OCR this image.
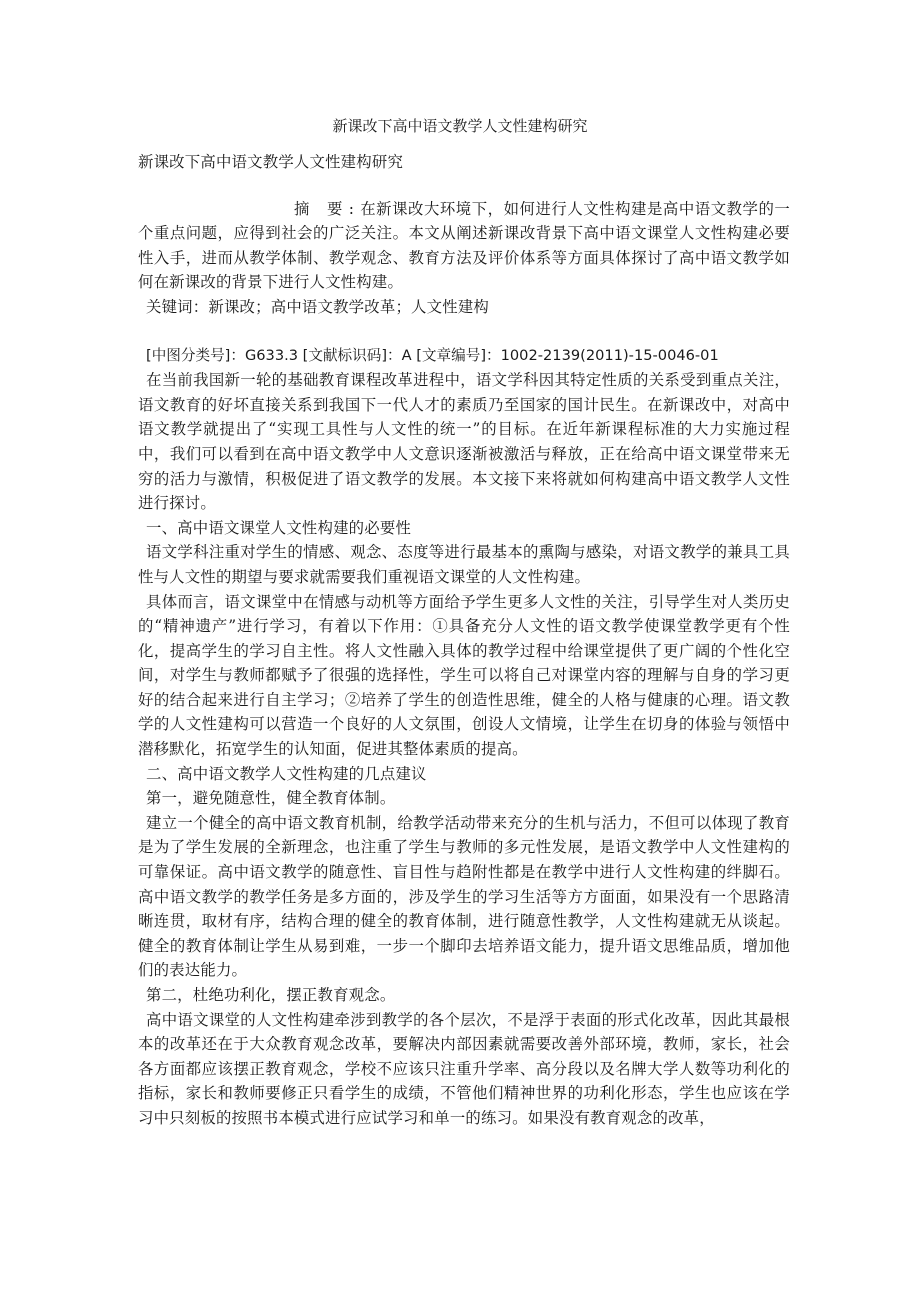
新课改下高中语文教学人文性建构研究

新课改下高中语文教学人文性建构研究

摘 要:在新课改大环境下，如何进行人文性构建是高中语文教学的一个重点问题，应得到社会的广泛关注。本文从阐述新课改背景下高中语文课堂人文性构建必要性入手，进而从教学体制、教学观念、教育方法及评价体系等方面具体探讨了高中语文教学如何在新课改的背景下进行人文性构建。

关键词：新课改；高中语文教学改革；人文性建构

[中图分类号]：G633.3 [文献标识码]：A [文章编号]：1002-2139(2011)-15-0046-01

在当前我国新一轮的基础教育课程改革进程中，语文学科因其特定性质的关系受到重点关注，语文教育的好坏直接关系到我国下一代人才的素质乃至国家的国计民生。在新课改中，对高中语文教学就提出了“实现工具性与人文性的统一”的目标。在近年新课程标准的大力实施过程中，我们可以看到在高中语文教学中人文意识逐渐被激活与释放，正在给高中语文课堂带来无穷的活力与激情，积极促进了语文教学的发展。本文接下来将就如何构建高中语文教学人文性进行探讨。

一、高中语文课堂人文性构建的必要性

语文学科注重对学生的情感、观念、态度等进行最基本的熏陶与感染，对语文教学的兼具工具性与人文性的期望与要求就需要我们重视语文课堂的人文性构建。

具体而言，语文课堂中在情感与动机等方面给予学生更多人文性的关注，引导学生对人类历史的“精神遗产”进行学习，有着以下作用：①具备充分人文性的语文教学使课堂教学更有个性化，提高学生的学习自主性。将人文性融入具体的教学过程中给课堂提供了更广阔的个性化空间，对学生与教师都赋予了很强的选择性，学生可以将自己对课堂内容的理解与自身的学习更好的结合起来进行自主学习；②培养了学生的创造性思维，健全的人格与健康的心理。语文教学的人文性建构可以营造一个良好的人文氛围，创设人文情境，让学生在切身的体验与领悟中潜移默化，拓宽学生的认知面，促进其整体素质的提高。

二、高中语文教学人文性构建的几点建议

第一，避免随意性，健全教育体制。

建立一个健全的高中语文教育机制，给教学活动带来充分的生机与活力，不但可以体现了教育是为了学生发展的全新理念，也注重了学生与教师的多元性发展，是语文教学中人文性建构的可靠保证。高中语文教学的随意性、盲目性与趋附性都是在教学中进行人文性构建的绊脚石。高中语文教学的教学任务是多方面的，涉及学生的学习生活等方方面面，如果没有一个思路清晰连贯，取材有序，结构合理的健全的教育体制，进行随意性教学，人文性构建就无从谈起。健全的教育体制让学生从易到难，一步一个脚印去培养语文能力，提升语文思维品质，增加他们的表达能力。

第二，杜绝功利化，摆正教育观念。

高中语文课堂的人文性构建牵涉到教学的各个层次，不是浮于表面的形式化改革，因此其最根本的改革还在于大众教育观念改革，要解决内部因素就需要改善外部环境，教师，家长，社会各方面都应该摆正教育观念，学校不应该只注重升学率、高分段以及名牌大学人数等功利化的指标，家长和教师要修正只看学生的成绩，不管他们精神世界的功利化形态，学生也应该在学习中只刻板的按照书本模式进行应试学习和单一的练习。如果没有教育观念的改革，
